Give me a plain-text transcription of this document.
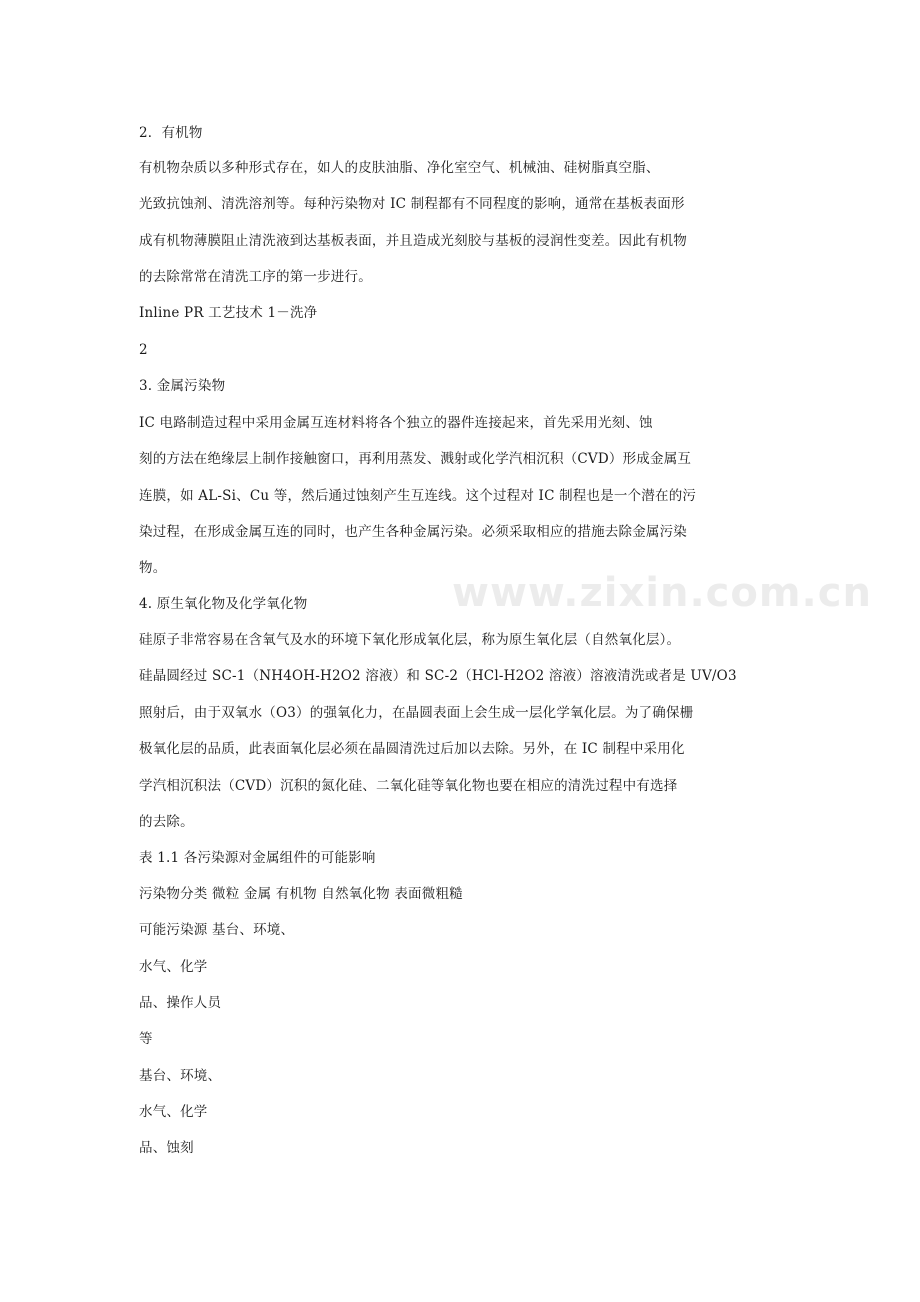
2．有机物
有机物杂质以多种形式存在，如人的皮肤油脂、净化室空气、机械油、硅树脂真空脂、
光致抗蚀剂、清洗溶剂等。每种污染物对 IC 制程都有不同程度的影响，通常在基板表面形
成有机物薄膜阻止清洗液到达基板表面，并且造成光刻胶与基板的浸润性变差。因此有机物
的去除常常在清洗工序的第一步进行。
Inline PR 工艺技术 1－洗净
2
3. 金属污染物
IC 电路制造过程中采用金属互连材料将各个独立的器件连接起来，首先采用光刻、蚀
刻的方法在绝缘层上制作接触窗口，再利用蒸发、溅射或化学汽相沉积（CVD）形成金属互
连膜，如 AL-Si、Cu 等，然后通过蚀刻产生互连线。这个过程对 IC 制程也是一个潜在的污
染过程，在形成金属互连的同时，也产生各种金属污染。必须采取相应的措施去除金属污染
物。
4. 原生氧化物及化学氧化物
硅原子非常容易在含氧气及水的环境下氧化形成氧化层，称为原生氧化层（自然氧化层）。
硅晶圆经过 SC-1（NH4OH-H2O2 溶液）和 SC-2（HCl-H2O2 溶液）溶液清洗或者是 UV/O3
照射后，由于双氧水（O3）的强氧化力，在晶圆表面上会生成一层化学氧化层。为了确保栅
极氧化层的品质，此表面氧化层必须在晶圆清洗过后加以去除。另外，在 IC 制程中采用化
学汽相沉积法（CVD）沉积的氮化硅、二氧化硅等氧化物也要在相应的清洗过程中有选择
的去除。
表 1.1 各污染源对金属组件的可能影响
污染物分类 微粒 金属 有机物 自然氧化物 表面微粗糙
可能污染源 基台、环境、
水气、化学
品、操作人员
等
基台、环境、
水气、化学
品、蚀刻
www.zixin.com.cn
